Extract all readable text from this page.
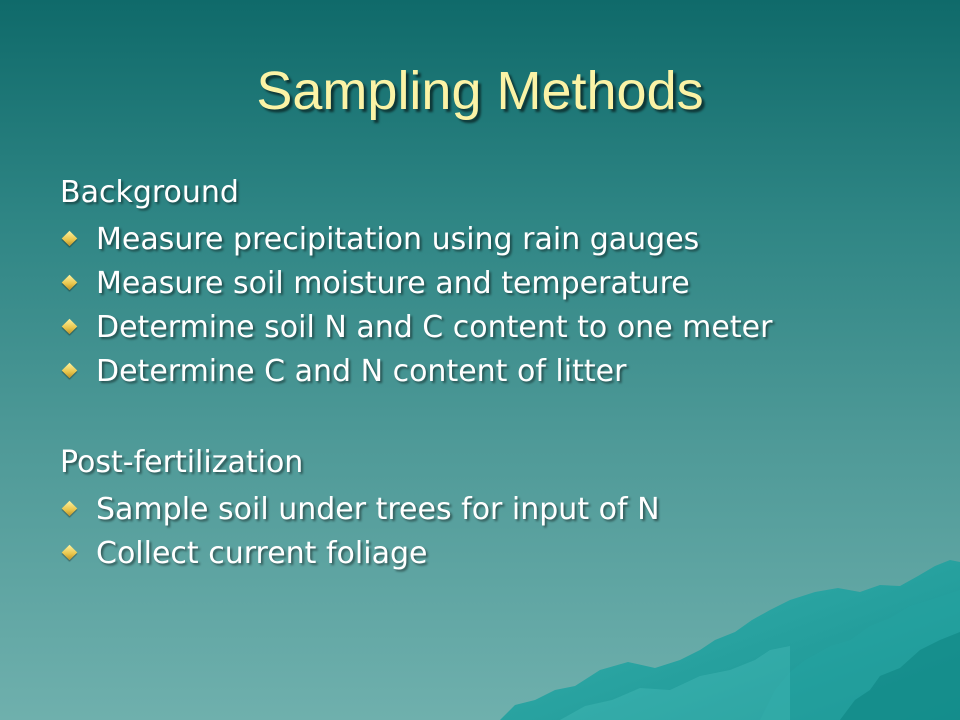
Sampling Methods
Background
Measure precipitation using rain gauges
Measure soil moisture and temperature
Determine soil N and C content to one meter
Determine C and N content of litter
Post-fertilization
Sample soil under trees for input of N
Collect current foliage
